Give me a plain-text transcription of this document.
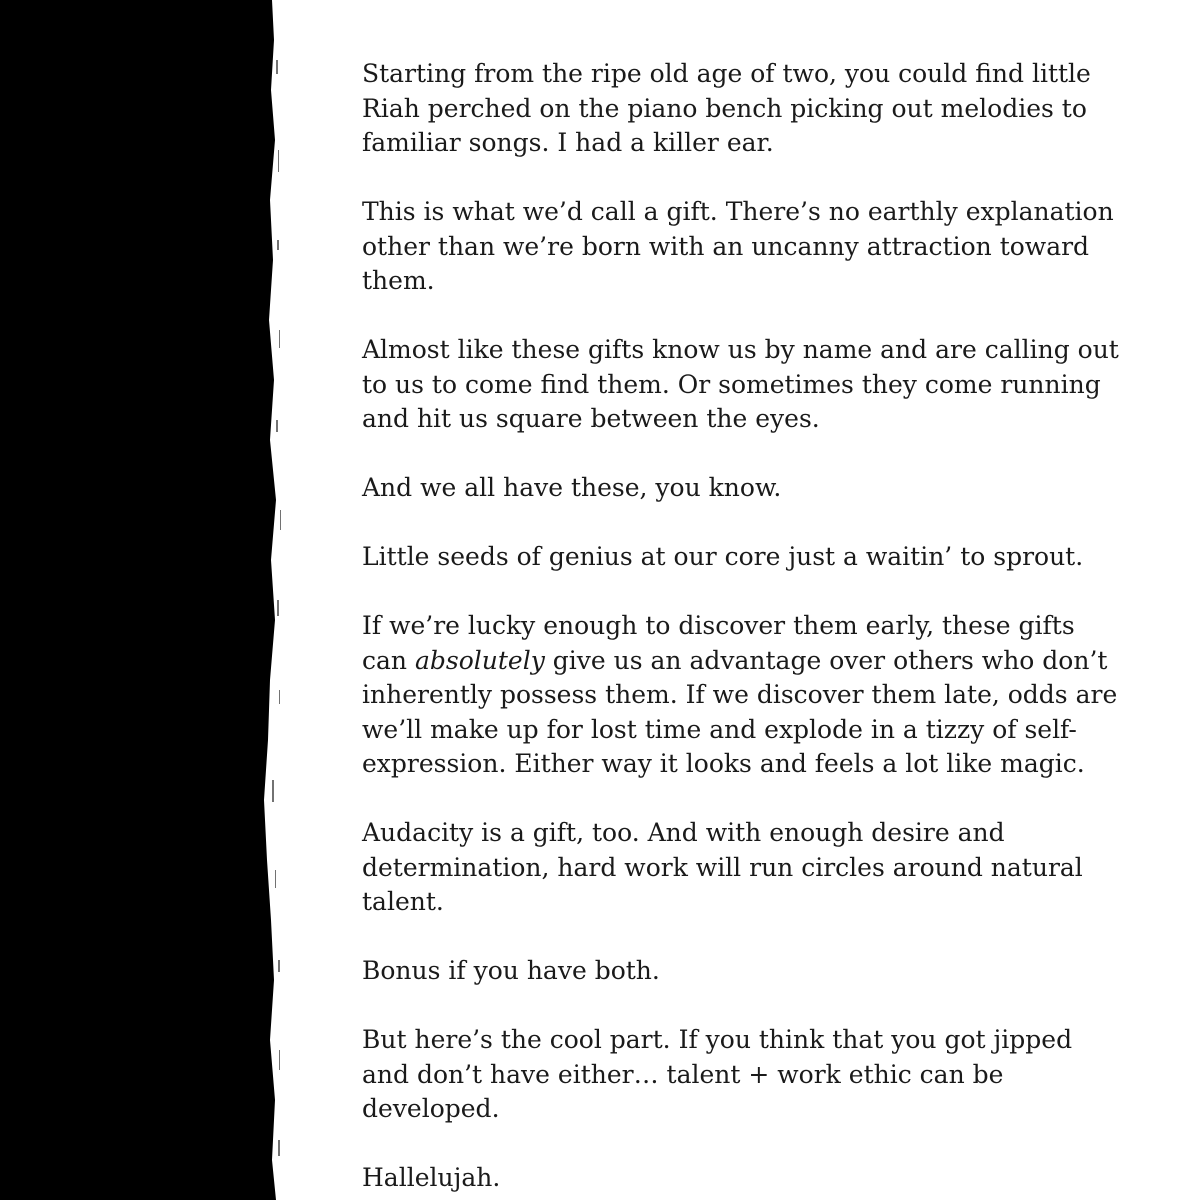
Starting from the ripe old age of two, you could find little Riah perched on the piano bench picking out melodies to familiar songs. I had a killer ear.

This is what we’d call a gift. There’s no earthly explanation other than we’re born with an uncanny attraction toward them.

Almost like these gifts know us by name and are calling out to us to come find them. Or sometimes they come running and hit us square between the eyes.

And we all have these, you know.

Little seeds of genius at our core just a waitin’ to sprout.

If we’re lucky enough to discover them early, these gifts can absolutely give us an advantage over others who don’t inherently possess them. If we discover them late, odds are we’ll make up for lost time and explode in a tizzy of self-expression. Either way it looks and feels a lot like magic.

Audacity is a gift, too. And with enough desire and determination, hard work will run circles around natural talent.

Bonus if you have both.

But here’s the cool part. If you think that you got jipped and don’t have either… talent + work ethic can be developed.

Hallelujah.
